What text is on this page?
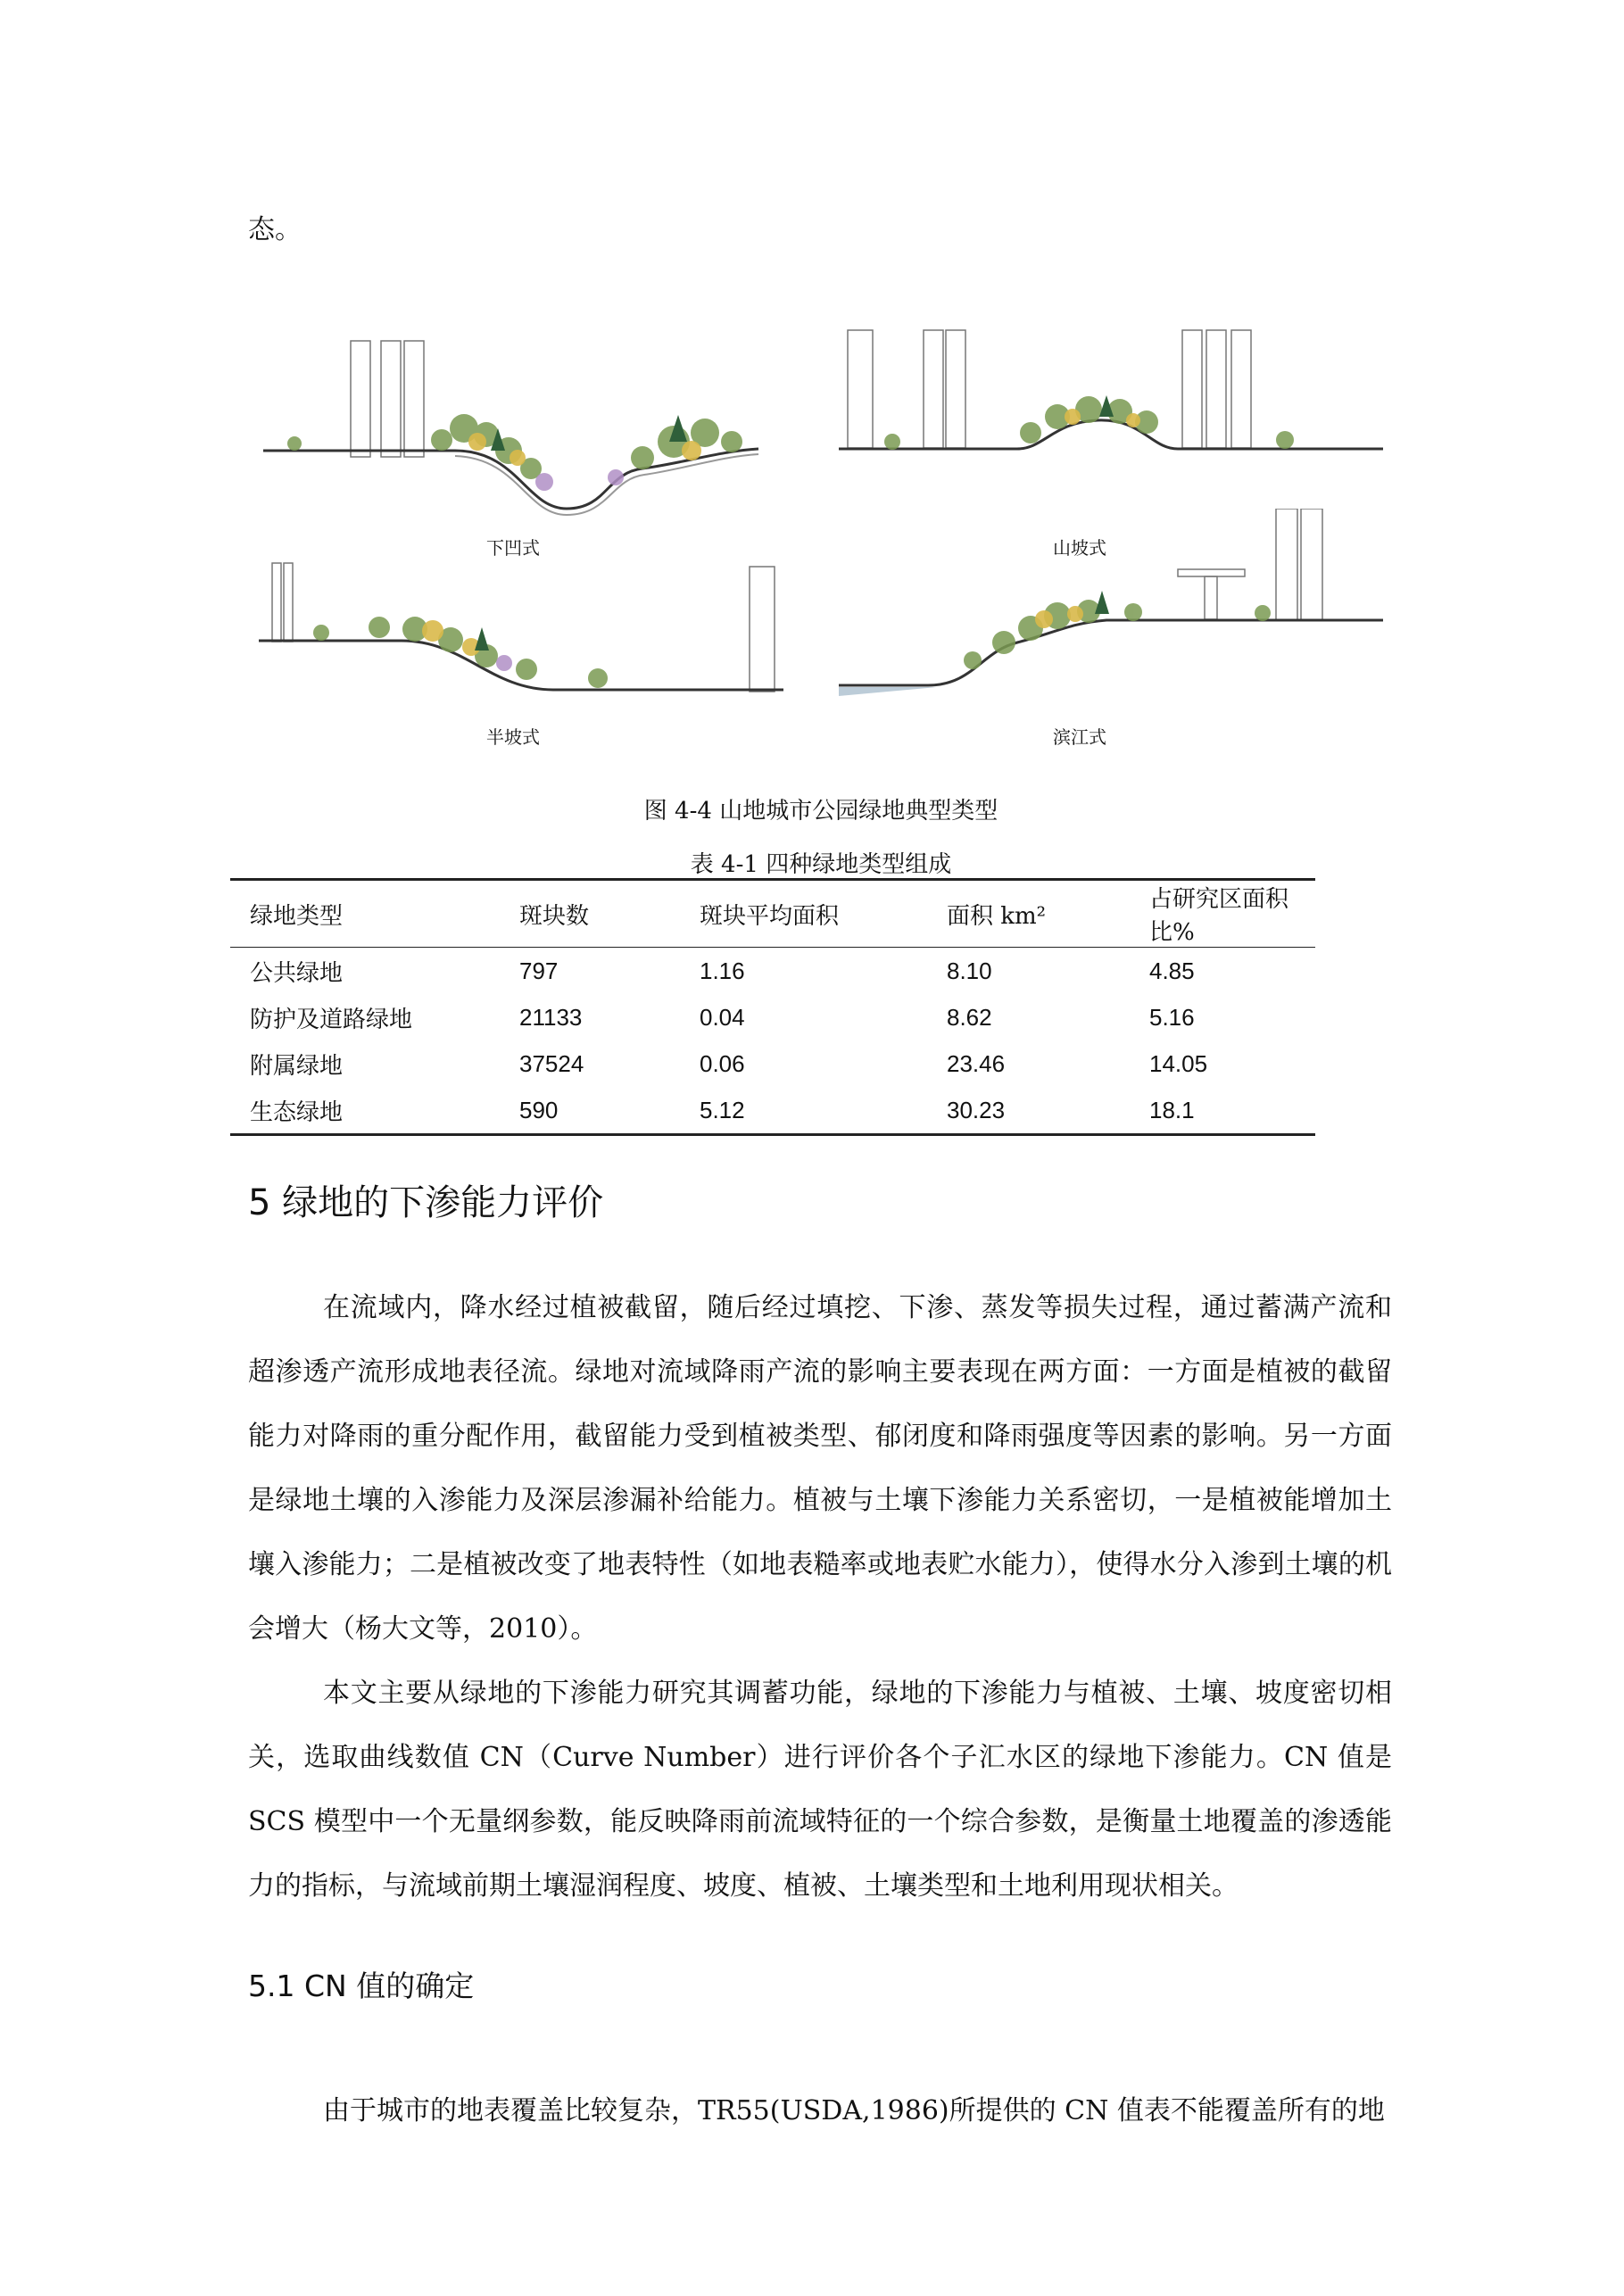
态。
下凹式	山坡式
半坡式	滨江式
图 4-4 山地城市公园绿地典型类型
表 4-1 四种绿地类型组成
绿地类型	斑块数	斑块平均面积	面积 km²	占研究区面积比%
公共绿地	797	1.16	8.10	4.85
防护及道路绿地	21133	0.04	8.62	5.16
附属绿地	37524	0.06	23.46	14.05
生态绿地	590	5.12	30.23	18.1
5 绿地的下渗能力评价
在流域内，降水经过植被截留，随后经过填挖、下渗、蒸发等损失过程，通过蓄满产流和超渗透产流形成地表径流。绿地对流域降雨产流的影响主要表现在两方面：一方面是植被的截留能力对降雨的重分配作用，截留能力受到植被类型、郁闭度和降雨强度等因素的影响。另一方面是绿地土壤的入渗能力及深层渗漏补给能力。植被与土壤下渗能力关系密切，一是植被能增加土壤入渗能力；二是植被改变了地表特性（如地表糙率或地表贮水能力），使得水分入渗到土壤的机会增大（杨大文等，2010）。
本文主要从绿地的下渗能力研究其调蓄功能，绿地的下渗能力与植被、土壤、坡度密切相关，选取曲线数值 CN（Curve Number）进行评价各个子汇水区的绿地下渗能力。CN 值是 SCS 模型中一个无量纲参数，能反映降雨前流域特征的一个综合参数，是衡量土地覆盖的渗透能力的指标，与流域前期土壤湿润程度、坡度、植被、土壤类型和土地利用现状相关。
5.1 CN 值的确定
由于城市的地表覆盖比较复杂，TR55(USDA,1986)所提供的 CN 值表不能覆盖所有的地
